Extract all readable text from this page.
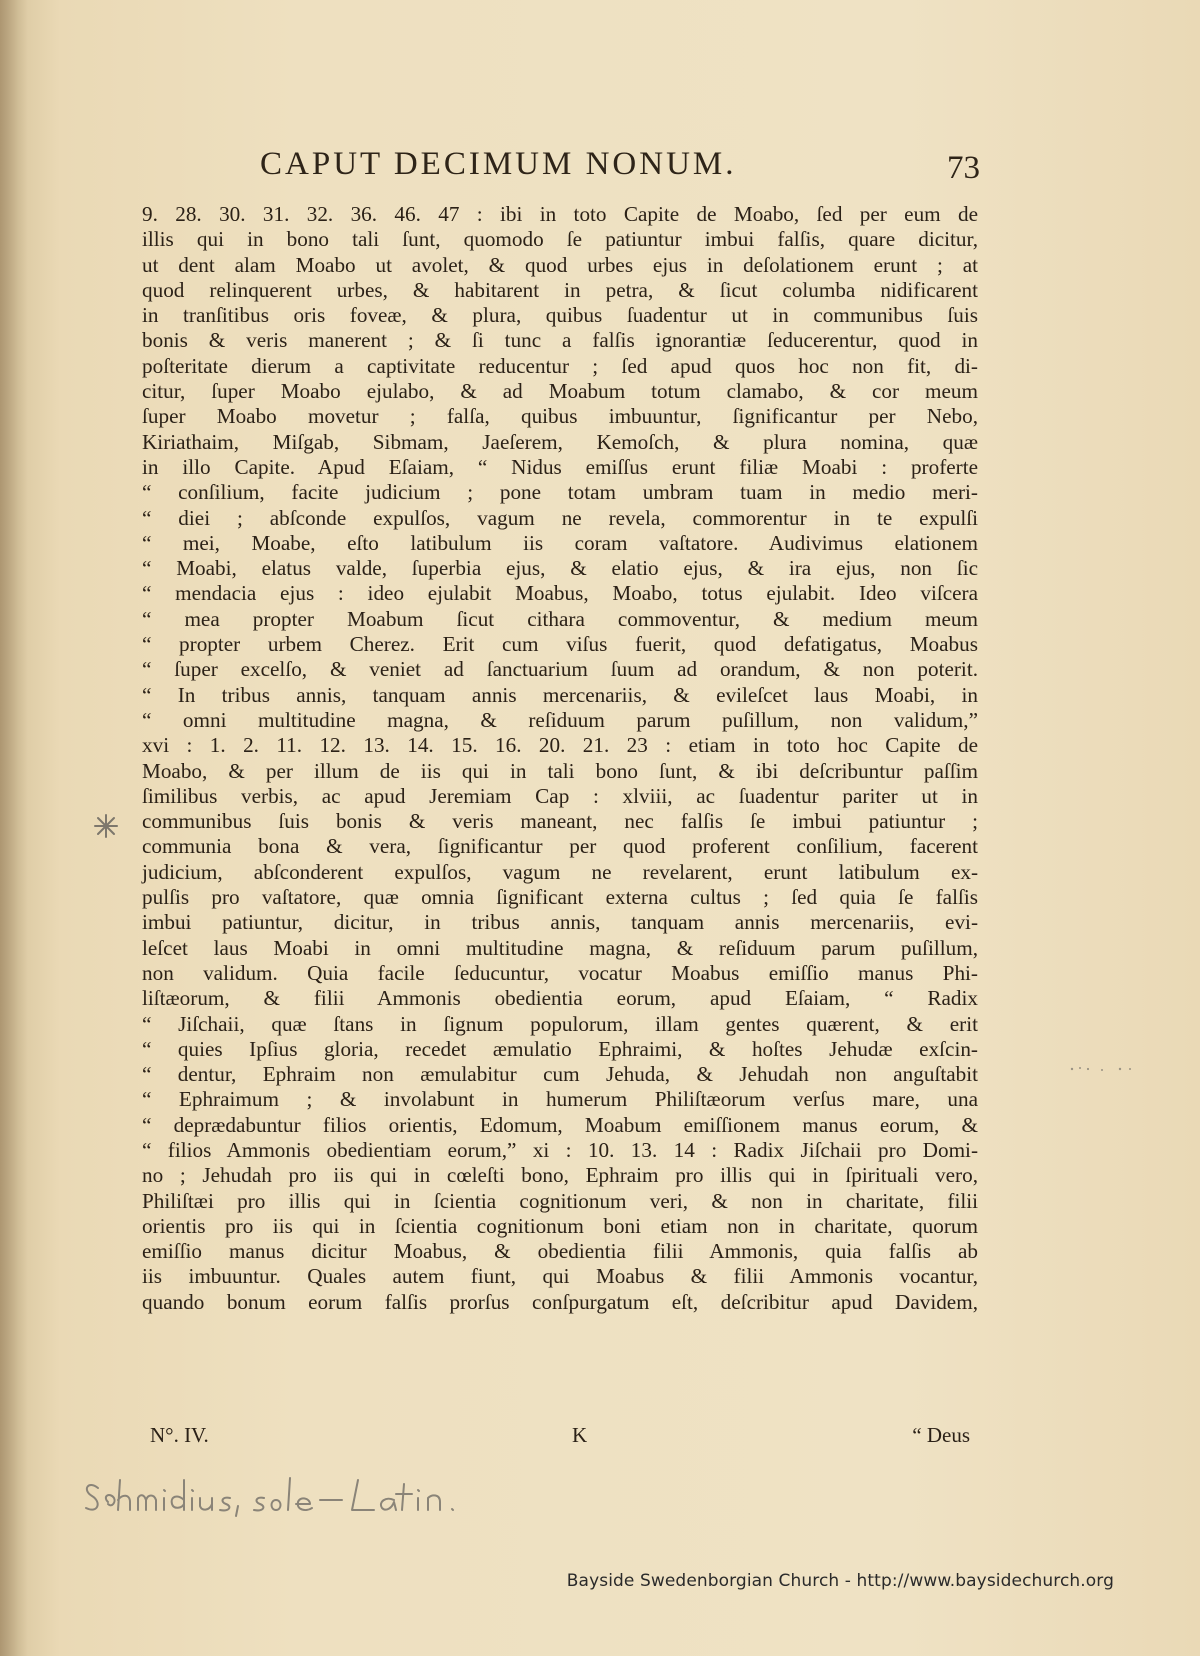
CAPUT DECIMUM NONUM.	73
9. 28. 30. 31. 32. 36. 46. 47 : ibi in toto Capite de Moabo, ſed per eum de
illis qui in bono tali ſunt, quomodo ſe patiuntur imbui falſis, quare dicitur,
ut dent alam Moabo ut avolet, & quod urbes ejus in deſolationem erunt ; at
quod relinquerent urbes, & habitarent in petra, & ſicut columba nidificarent
in tranſitibus oris foveæ, & plura, quibus ſuadentur ut in communibus ſuis
bonis & veris manerent ; & ſi tunc a falſis ignorantiæ ſeducerentur, quod in
poſteritate dierum a captivitate reducentur ; ſed apud quos hoc non fit, di-
citur, ſuper Moabo ejulabo, & ad Moabum totum clamabo, & cor meum
ſuper Moabo movetur ; falſa, quibus imbuuntur, ſignificantur per Nebo,
Kiriathaim, Miſgab, Sibmam, Jaeſerem, Kemoſch, & plura nomina, quæ
in illo Capite. Apud Eſaiam, “ Nidus emiſſus erunt filiæ Moabi : proferte
“ conſilium, facite judicium ; pone totam umbram tuam in medio meri-
“ diei ; abſconde expulſos, vagum ne revela, commorentur in te expulſi
“ mei, Moabe, eſto latibulum iis coram vaſtatore. Audivimus elationem
“ Moabi, elatus valde, ſuperbia ejus, & elatio ejus, & ira ejus, non ſic
“ mendacia ejus : ideo ejulabit Moabus, Moabo, totus ejulabit. Ideo viſcera
“ mea propter Moabum ſicut cithara commoventur, & medium meum
“ propter urbem Cherez. Erit cum viſus fuerit, quod defatigatus, Moabus
“ ſuper excelſo, & veniet ad ſanctuarium ſuum ad orandum, & non poterit.
“ In tribus annis, tanquam annis mercenariis, & evileſcet laus Moabi, in
“ omni multitudine magna, & reſiduum parum puſillum, non validum,”
xvi : 1. 2. 11. 12. 13. 14. 15. 16. 20. 21. 23 : etiam in toto hoc Capite de
Moabo, & per illum de iis qui in tali bono ſunt, & ibi deſcribuntur paſſim
ſimilibus verbis, ac apud Jeremiam Cap : xlviii, ac ſuadentur pariter ut in
communibus ſuis bonis & veris maneant, nec falſis ſe imbui patiuntur ;
communia bona & vera, ſignificantur per quod proferent conſilium, facerent
judicium, abſconderent expulſos, vagum ne revelarent, erunt latibulum ex-
pulſis pro vaſtatore, quæ omnia ſignificant externa cultus ; ſed quia ſe falſis
imbui patiuntur, dicitur, in tribus annis, tanquam annis mercenariis, evi-
leſcet laus Moabi in omni multitudine magna, & reſiduum parum puſillum,
non validum. Quia facile ſeducuntur, vocatur Moabus emiſſio manus Phi-
liſtæorum, & filii Ammonis obedientia eorum, apud Eſaiam, “ Radix
“ Jiſchaii, quæ ſtans in ſignum populorum, illam gentes quærent, & erit
“ quies Ipſius gloria, recedet æmulatio Ephraimi, & hoſtes Jehudæ exſcin-
“ dentur, Ephraim non æmulabitur cum Jehuda, & Jehudah non anguſtabit
“ Ephraimum ; & involabunt in humerum Philiſtæorum verſus mare, una
“ deprædabuntur filios orientis, Edomum, Moabum emiſſionem manus eorum, &
“ filios Ammonis obedientiam eorum,” xi : 10. 13. 14 : Radix Jiſchaii pro Domi-
no ; Jehudah pro iis qui in cœleſti bono, Ephraim pro illis qui in ſpirituali vero,
Philiſtæi pro illis qui in ſcientia cognitionum veri, & non in charitate, filii
orientis pro iis qui in ſcientia cognitionum boni etiam non in charitate, quorum
emiſſio manus dicitur Moabus, & obedientia filii Ammonis, quia falſis ab
iis imbuuntur. Quales autem fiunt, qui Moabus & filii Ammonis vocantur,
quando bonum eorum falſis prorſus conſpurgatum eſt, deſcribitur apud Davidem,
N°. IV.	K	“ Deus
Bayside Swedenborgian Church - http://www.baysidechurch.org
